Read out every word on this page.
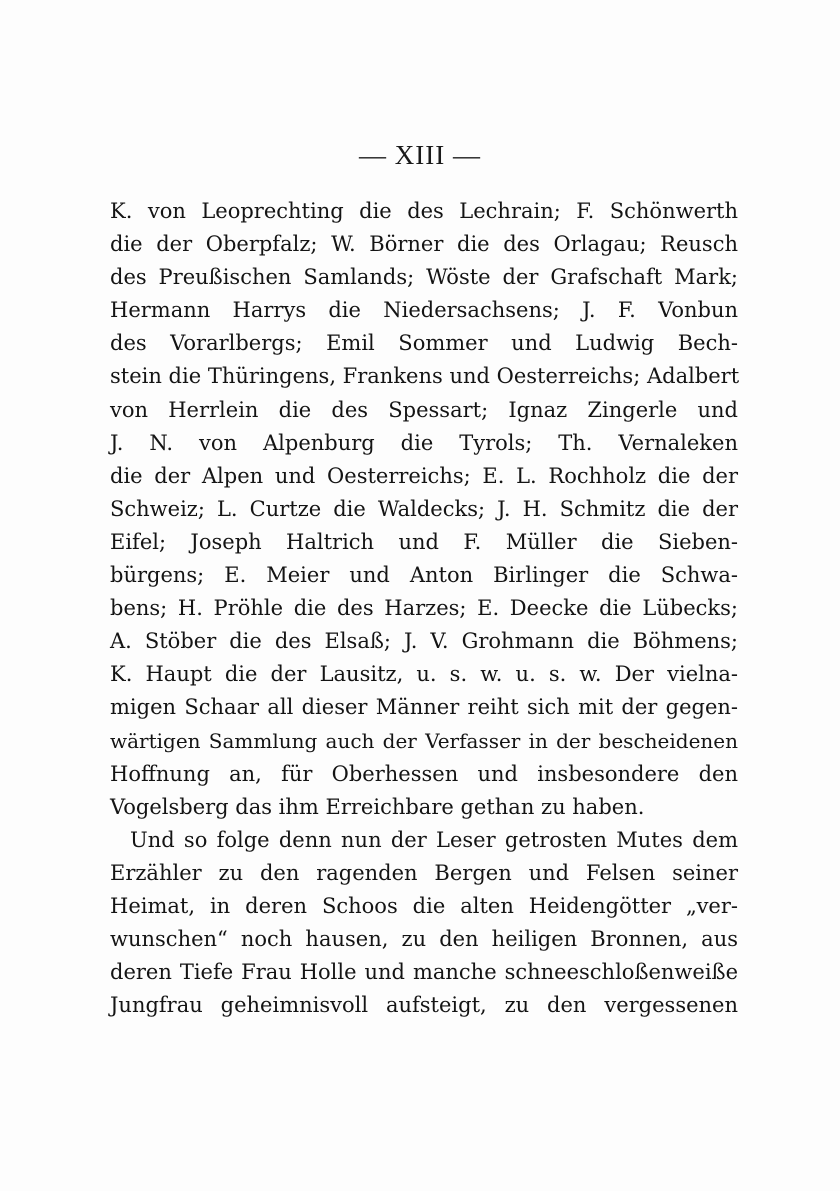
— XIII —
K. von Leoprechting die des Lechrain; F. Schönwerth
die der Oberpfalz; W. Börner die des Orlagau; Reusch
des Preußischen Samlands; Wöste der Grafschaft Mark;
Hermann Harrys die Niedersachsens; J. F. Vonbun
des Vorarlbergs; Emil Sommer und Ludwig Bech-
stein die Thüringens, Frankens und Oesterreichs; Adalbert
von Herrlein die des Spessart; Ignaz Zingerle und
J. N. von Alpenburg die Tyrols; Th. Vernaleken
die der Alpen und Oesterreichs; E. L. Rochholz die der
Schweiz; L. Curtze die Waldecks; J. H. Schmitz die der
Eifel; Joseph Haltrich und F. Müller die Sieben-
bürgens; E. Meier und Anton Birlinger die Schwa-
bens; H. Pröhle die des Harzes; E. Deecke die Lübecks;
A. Stöber die des Elsaß; J. V. Grohmann die Böhmens;
K. Haupt die der Lausitz, u. s. w. u. s. w. Der vielna-
migen Schaar all dieser Männer reiht sich mit der gegen-
wärtigen Sammlung auch der Verfasser in der bescheidenen
Hoffnung an, für Oberhessen und insbesondere den
Vogelsberg das ihm Erreichbare gethan zu haben.
Und so folge denn nun der Leser getrosten Mutes dem
Erzähler zu den ragenden Bergen und Felsen seiner
Heimat, in deren Schoos die alten Heidengötter „ver-
wunschen“ noch hausen, zu den heiligen Bronnen, aus
deren Tiefe Frau Holle und manche schneeschloßenweiße
Jungfrau geheimnisvoll aufsteigt, zu den vergessenen
